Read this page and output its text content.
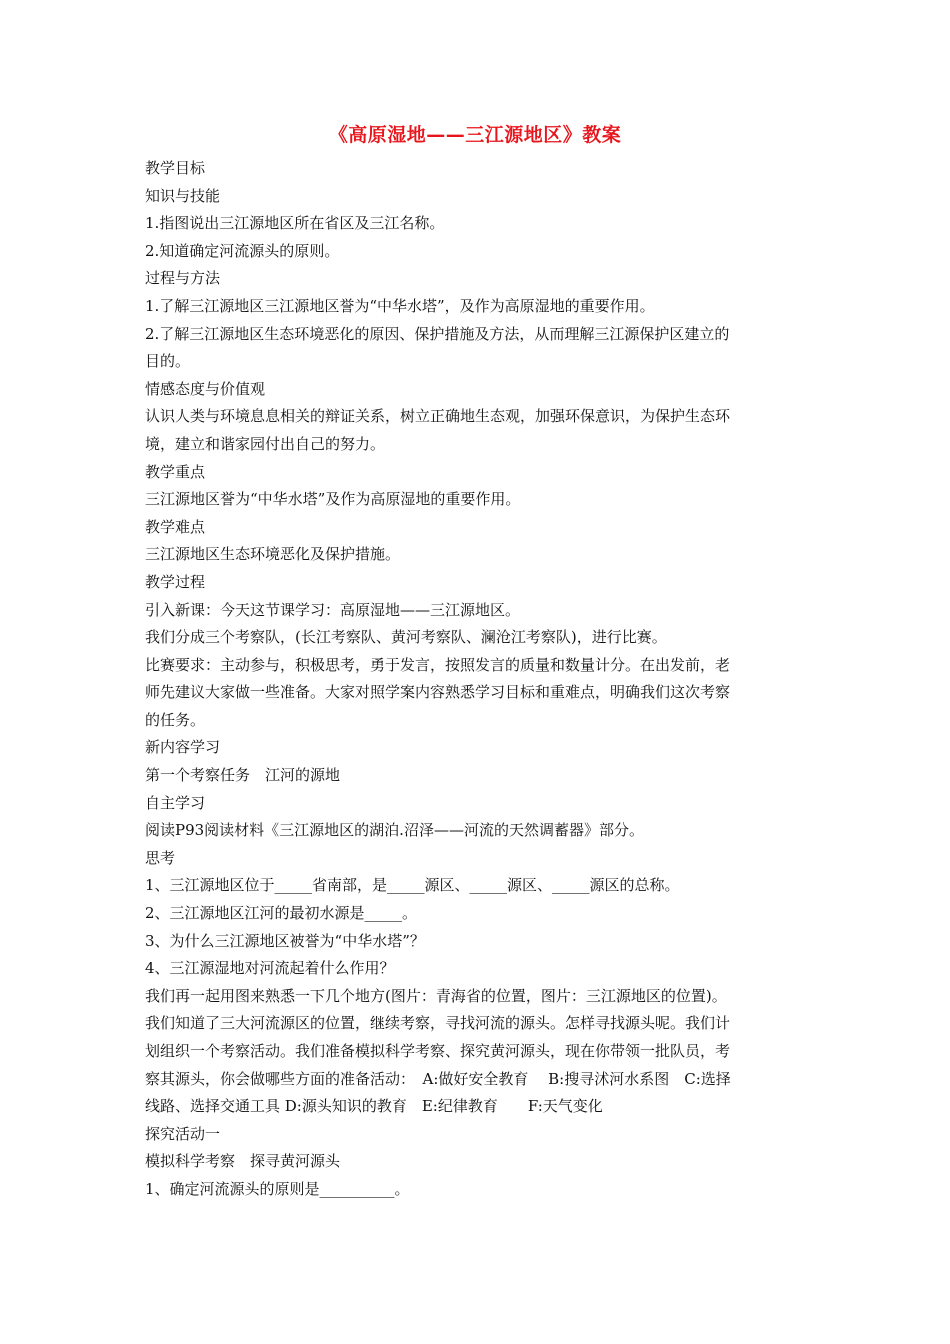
《高原湿地——三江源地区》教案
教学目标
知识与技能
1.指图说出三江源地区所在省区及三江名称。
2.知道确定河流源头的原则。
过程与方法
1.了解三江源地区三江源地区誉为“中华水塔”，及作为高原湿地的重要作用。
2.了解三江源地区生态环境恶化的原因、保护措施及方法，从而理解三江源保护区建立的
目的。
情感态度与价值观
认识人类与环境息息相关的辩证关系，树立正确地生态观，加强环保意识，为保护生态环
境，建立和谐家园付出自己的努力。
教学重点
三江源地区誉为“中华水塔”及作为高原湿地的重要作用。
教学难点
三江源地区生态环境恶化及保护措施。
教学过程
引入新课：今天这节课学习：高原湿地——三江源地区。
我们分成三个考察队，(长江考察队、黄河考察队、澜沧江考察队)，进行比赛。
比赛要求：主动参与，积极思考，勇于发言，按照发言的质量和数量计分。在出发前，老
师先建议大家做一些准备。大家对照学案内容熟悉学习目标和重难点，明确我们这次考察
的任务。
新内容学习
第一个考察任务　江河的源地
自主学习
阅读P93阅读材料《三江源地区的湖泊.沼泽——河流的天然调蓄器》部分。
思考
1、三江源地区位于_____省南部，是_____源区、_____源区、_____源区的总称。
2、三江源地区江河的最初水源是_____。
3、为什么三江源地区被誉为“中华水塔”？
4、三江源湿地对河流起着什么作用？
我们再一起用图来熟悉一下几个地方(图片：青海省的位置，图片：三江源地区的位置)。
我们知道了三大河流源区的位置，继续考察，寻找河流的源头。怎样寻找源头呢。我们计
划组织一个考察活动。我们准备模拟科学考察、探究黄河源头，现在你带领一批队员，考
察其源头，你会做哪些方面的准备活动：　A:做好安全教育　 B:搜寻沭河水系图　C:选择
线路、选择交通工具 D:源头知识的教育　E:纪律教育　　F:天气变化
探究活动一
模拟科学考察　探寻黄河源头
1、确定河流源头的原则是__________。
